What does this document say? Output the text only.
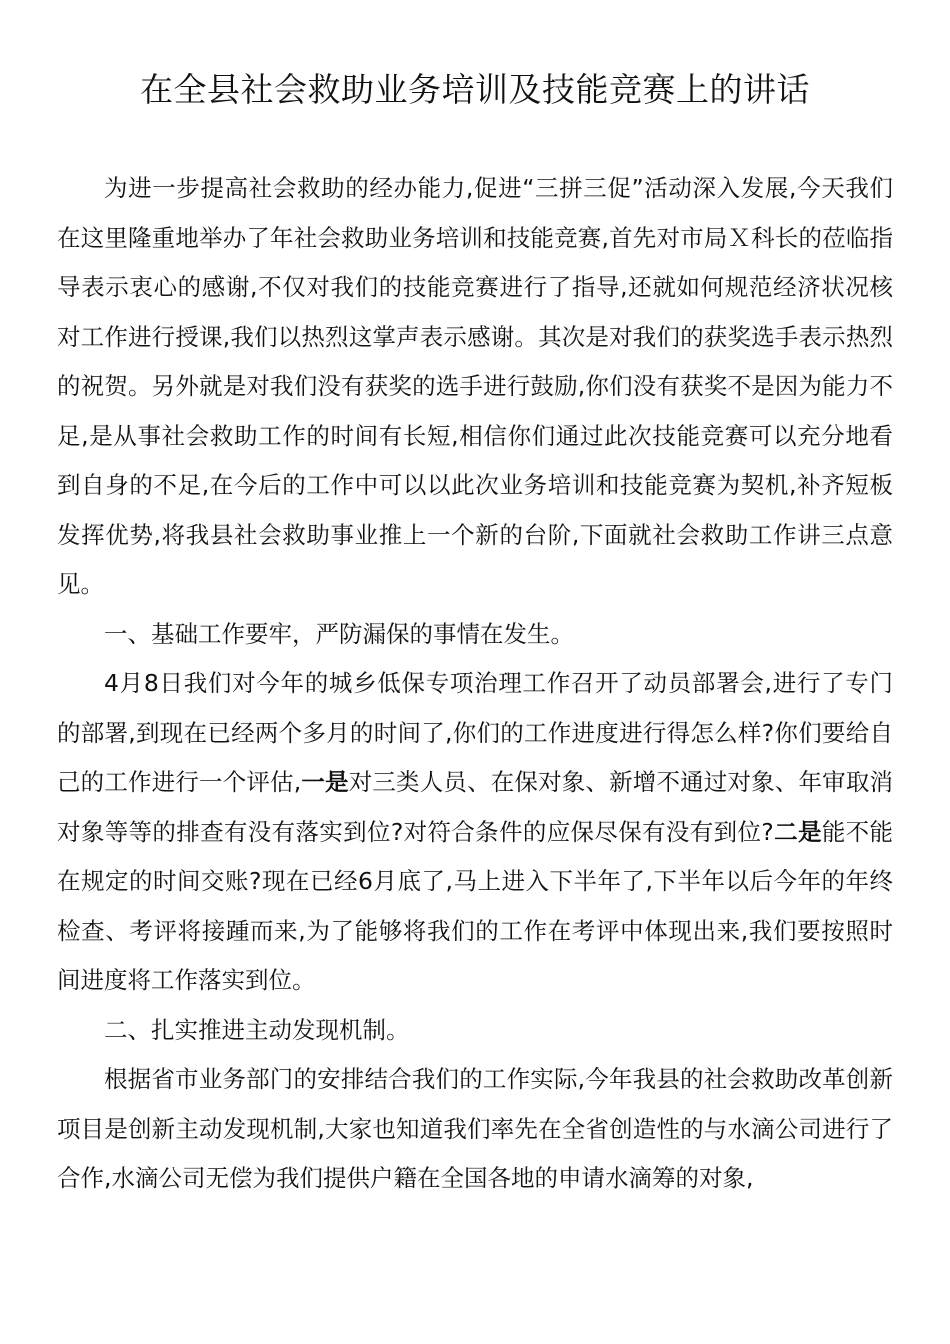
在全县社会救助业务培训及技能竞赛上的讲话

为进一步提高社会救助的经办能力,促进“三拼三促”活动深入发展,今天我们在这里隆重地举办了年社会救助业务培训和技能竞赛,首先对市局Ｘ科长的莅临指导表示衷心的感谢,不仅对我们的技能竞赛进行了指导,还就如何规范经济状况核对工作进行授课,我们以热烈这掌声表示感谢。其次是对我们的获奖选手表示热烈的祝贺。另外就是对我们没有获奖的选手进行鼓励,你们没有获奖不是因为能力不足,是从事社会救助工作的时间有长短,相信你们通过此次技能竞赛可以充分地看到自身的不足,在今后的工作中可以以此次业务培训和技能竞赛为契机,补齐短板发挥优势,将我县社会救助事业推上一个新的台阶,下面就社会救助工作讲三点意见。

一、基础工作要牢，严防漏保的事情在发生。

4月8日我们对今年的城乡低保专项治理工作召开了动员部署会,进行了专门的部署,到现在已经两个多月的时间了,你们的工作进度进行得怎么样?你们要给自己的工作进行一个评估,一是对三类人员、在保对象、新增不通过对象、年审取消对象等等的排查有没有落实到位?对符合条件的应保尽保有没有到位?二是能不能在规定的时间交账?现在已经6月底了,马上进入下半年了,下半年以后今年的年终检查、考评将接踵而来,为了能够将我们的工作在考评中体现出来,我们要按照时间进度将工作落实到位。

二、扎实推进主动发现机制。

根据省市业务部门的安排结合我们的工作实际,今年我县的社会救助改革创新项目是创新主动发现机制,大家也知道我们率先在全省创造性的与水滴公司进行了合作,水滴公司无偿为我们提供户籍在全国各地的申请水滴筹的对象,
